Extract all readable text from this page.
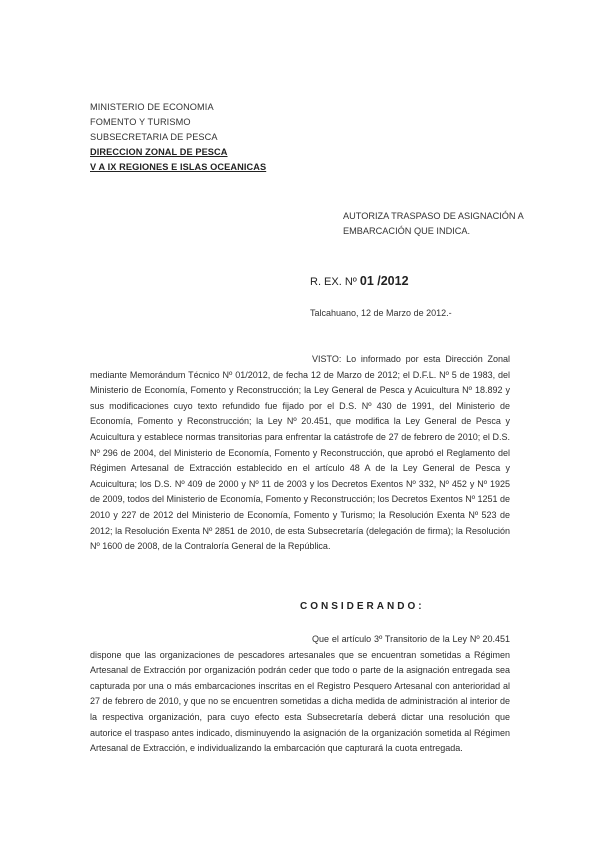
MINISTERIO DE ECONOMIA
FOMENTO Y TURISMO
SUBSECRETARIA DE PESCA
DIRECCION ZONAL DE PESCA
V A IX REGIONES E ISLAS OCEANICAS
AUTORIZA TRASPASO DE ASIGNACIÓN A EMBARCACIÓN QUE INDICA.
R. EX. Nº 01 /2012
Talcahuano, 12 de Marzo de 2012.-
VISTO: Lo informado por esta Dirección Zonal mediante Memorándum Técnico Nº 01/2012, de fecha 12 de Marzo de 2012; el D.F.L. Nº 5 de 1983, del Ministerio de Economía, Fomento y Reconstrucción; la Ley General de Pesca y Acuicultura Nº 18.892 y sus modificaciones cuyo texto refundido fue fijado por el D.S. Nº 430 de 1991, del Ministerio de Economía, Fomento y Reconstrucción; la Ley Nº 20.451, que modifica la Ley General de Pesca y Acuicultura y establece normas transitorias para enfrentar la catástrofe de 27 de febrero de 2010; el D.S. Nº 296 de 2004, del Ministerio de Economía, Fomento y Reconstrucción, que aprobó el Reglamento del Régimen Artesanal de Extracción establecido en el artículo 48 A de la Ley General de Pesca y Acuicultura; los D.S. Nº 409 de 2000 y Nº 11 de 2003 y los Decretos Exentos Nº 332, Nº 452 y Nº 1925 de 2009, todos del Ministerio de Economía, Fomento y Reconstrucción; los Decretos Exentos Nº 1251 de 2010 y 227 de 2012 del Ministerio de Economía, Fomento y Turismo; la Resolución Exenta Nº 523 de 2012; la Resolución Exenta Nº 2851 de 2010, de esta Subsecretaría (delegación de firma); la Resolución Nº 1600 de 2008, de la Contraloría General de la República.
CONSIDERANDO:
Que el artículo 3º Transitorio de la Ley Nº 20.451 dispone que las organizaciones de pescadores artesanales que se encuentran sometidas a Régimen Artesanal de Extracción por organización podrán ceder que todo o parte de la asignación entregada sea capturada por una o más embarcaciones inscritas en el Registro Pesquero Artesanal con anterioridad al 27 de febrero de 2010, y que no se encuentren sometidas a dicha medida de administración al interior de la respectiva organización, para cuyo efecto esta Subsecretaría deberá dictar una resolución que autorice el traspaso antes indicado, disminuyendo la asignación de la organización sometida al Régimen Artesanal de Extracción, e individualizando la embarcación que capturará la cuota entregada.
